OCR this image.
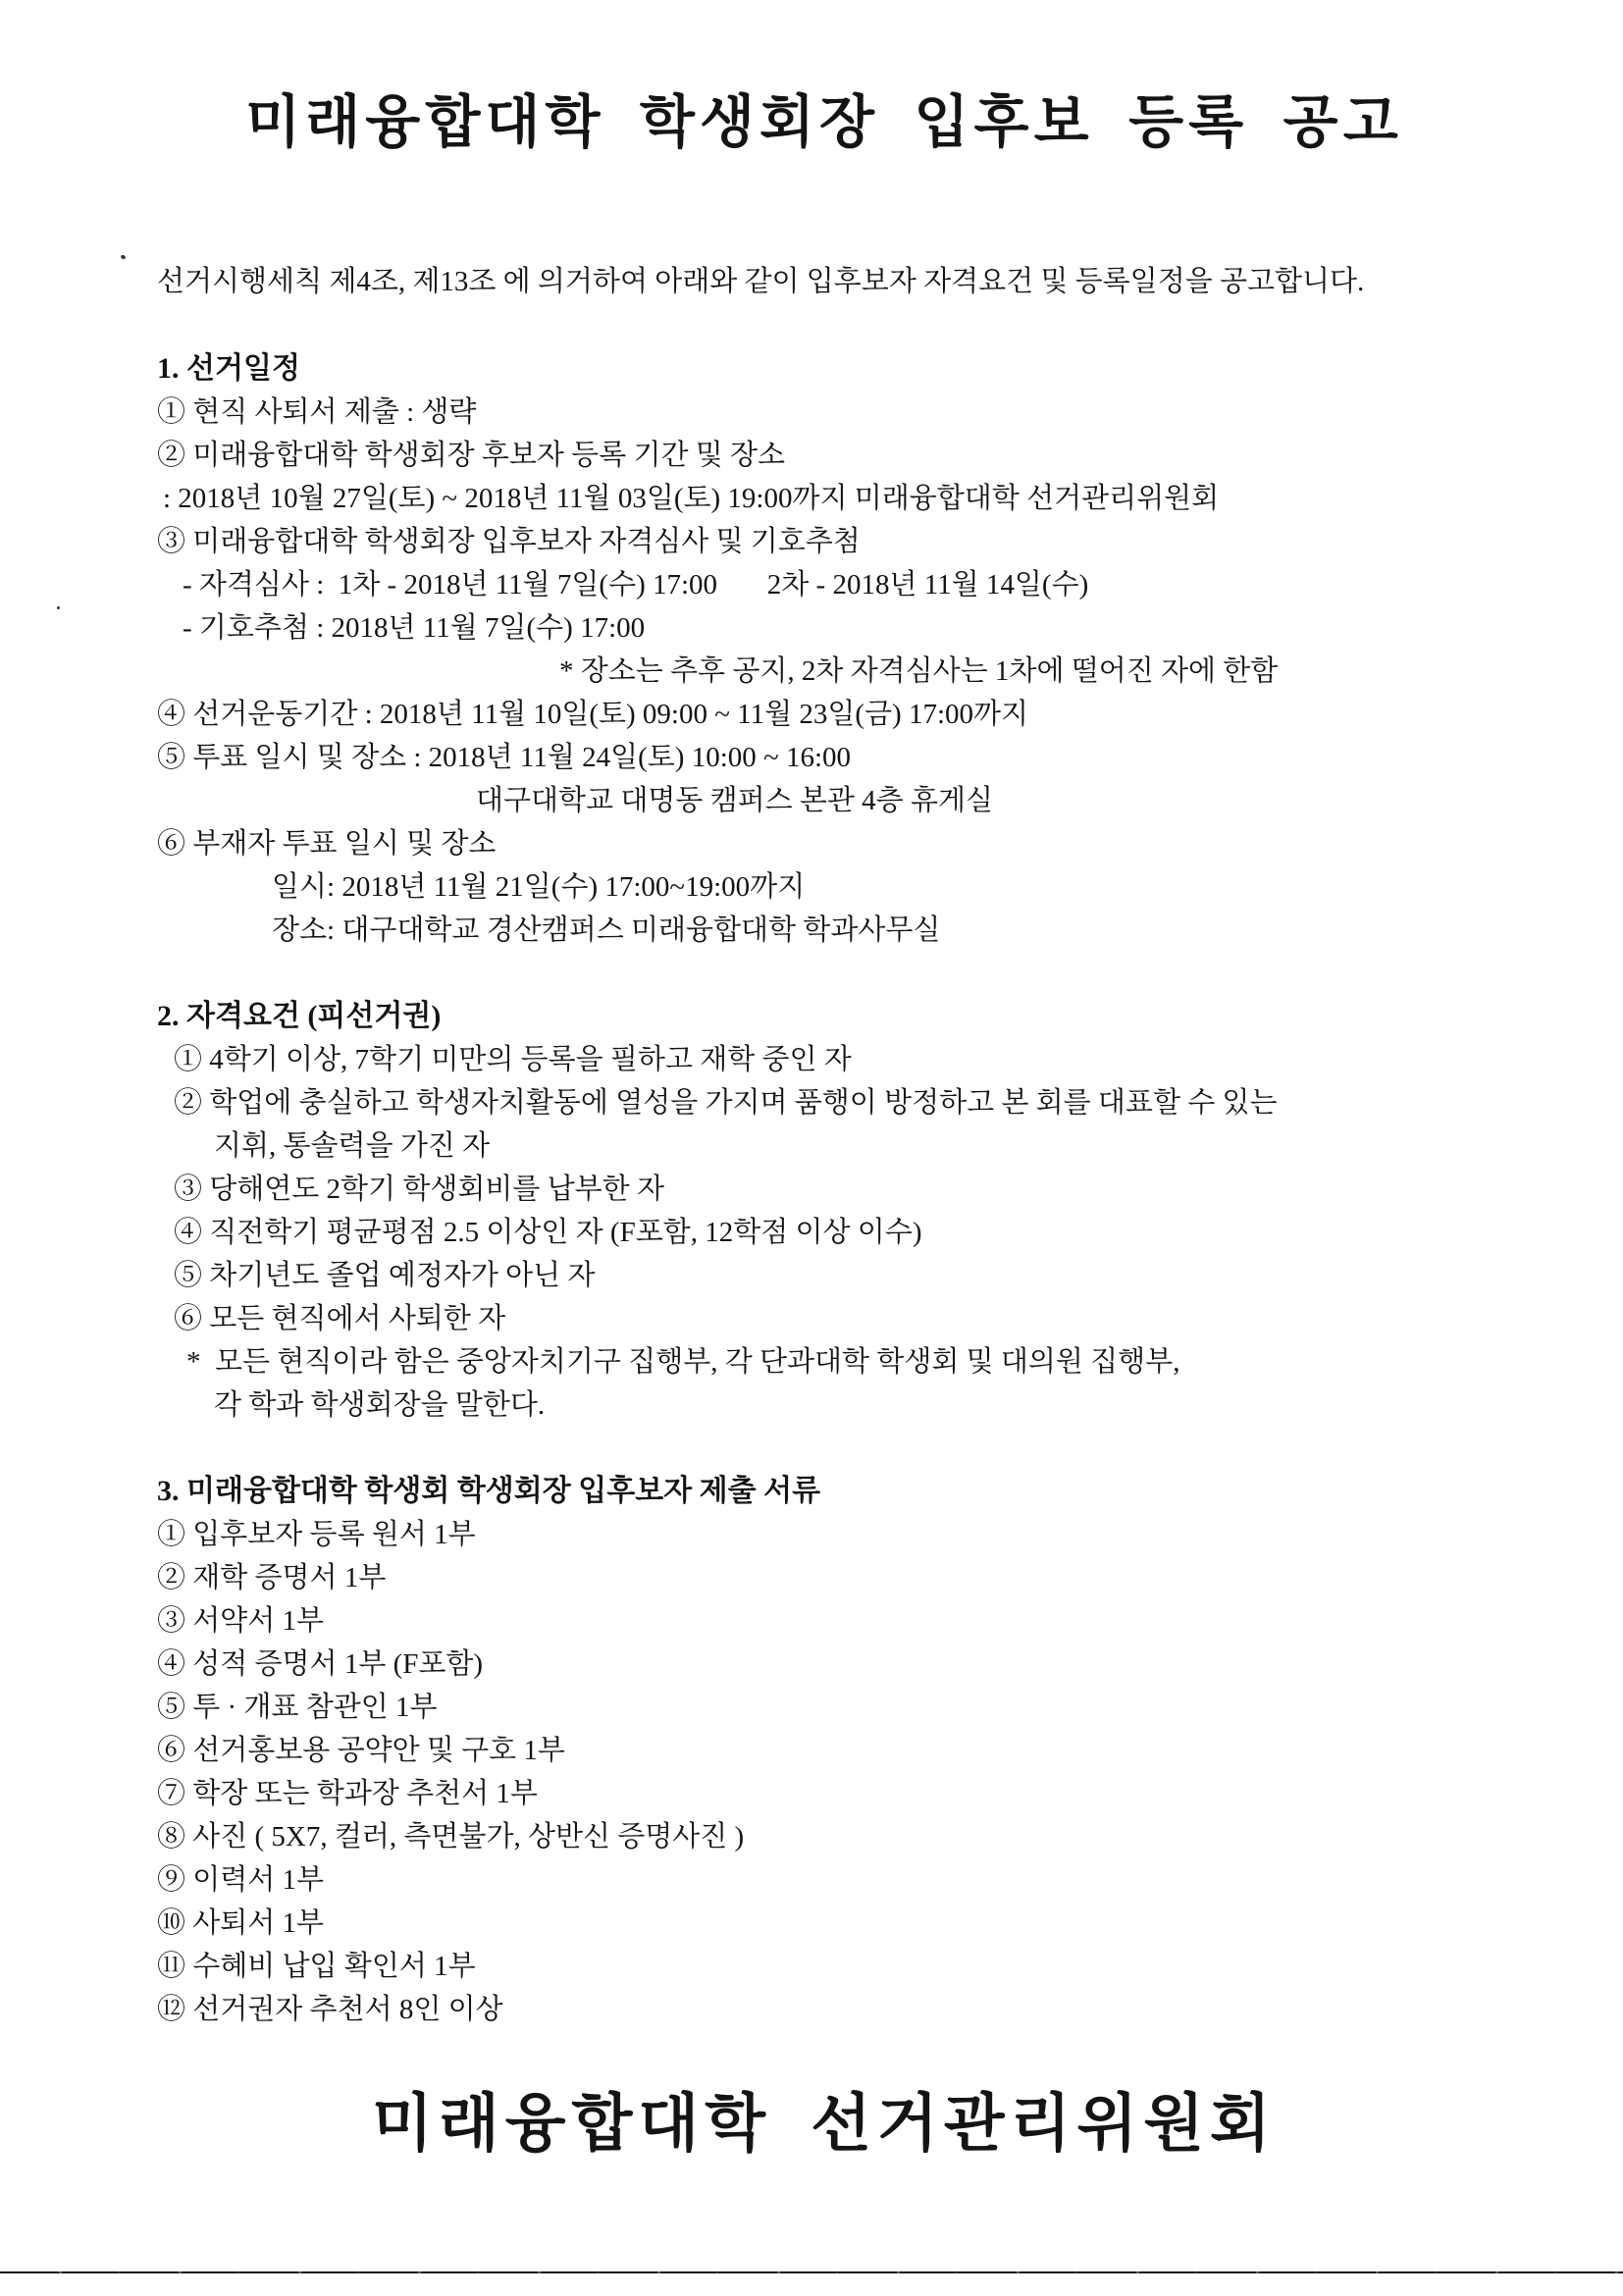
미래융합대학 학생회장 입후보 등록 공고
선거시행세칙 제4조, 제13조 에 의거하여 아래와 같이 입후보자 자격요건 및 등록일정을 공고합니다.
1. 선거일정
① 현직 사퇴서 제출 : 생략
② 미래융합대학 학생회장 후보자 등록 기간 및 장소
: 2018년 10월 27일(토) ~ 2018년 11월 03일(토) 19:00까지 미래융합대학 선거관리위원회
③ 미래융합대학 학생회장 입후보자 자격심사 및 기호추첨
- 자격심사 :  1차 - 2018년 11월 7일(수) 17:00       2차 - 2018년 11월 14일(수)
- 기호추첨 : 2018년 11월 7일(수) 17:00
* 장소는 추후 공지, 2차 자격심사는 1차에 떨어진 자에 한함
④ 선거운동기간 : 2018년 11월 10일(토) 09:00 ~ 11월 23일(금) 17:00까지
⑤ 투표 일시 및 장소 : 2018년 11월 24일(토) 10:00 ~ 16:00
대구대학교 대명동 캠퍼스 본관 4층 휴게실
⑥ 부재자 투표 일시 및 장소
일시: 2018년 11월 21일(수) 17:00~19:00까지
장소: 대구대학교 경산캠퍼스 미래융합대학 학과사무실
2. 자격요건 (피선거권)
① 4학기 이상, 7학기 미만의 등록을 필하고 재학 중인 자
② 학업에 충실하고 학생자치활동에 열성을 가지며 품행이 방정하고 본 회를 대표할 수 있는
지휘, 통솔력을 가진 자
③ 당해연도 2학기 학생회비를 납부한 자
④ 직전학기 평균평점 2.5 이상인 자 (F포함, 12학점 이상 이수)
⑤ 차기년도 졸업 예정자가 아닌 자
⑥ 모든 현직에서 사퇴한 자
*  모든 현직이라 함은 중앙자치기구 집행부, 각 단과대학 학생회 및 대의원 집행부,
각 학과 학생회장을 말한다.
3. 미래융합대학 학생회 학생회장 입후보자 제출 서류
① 입후보자 등록 원서 1부
② 재학 증명서 1부
③ 서약서 1부
④ 성적 증명서 1부 (F포함)
⑤ 투 · 개표 참관인 1부
⑥ 선거홍보용 공약안 및 구호 1부
⑦ 학장 또는 학과장 추천서 1부
⑧ 사진 ( 5X7, 컬러, 측면불가, 상반신 증명사진 )
⑨ 이력서 1부
⑩ 사퇴서 1부
⑪ 수혜비 납입 확인서 1부
⑫ 선거권자 추천서 8인 이상
미래융합대학 선거관리위원회
